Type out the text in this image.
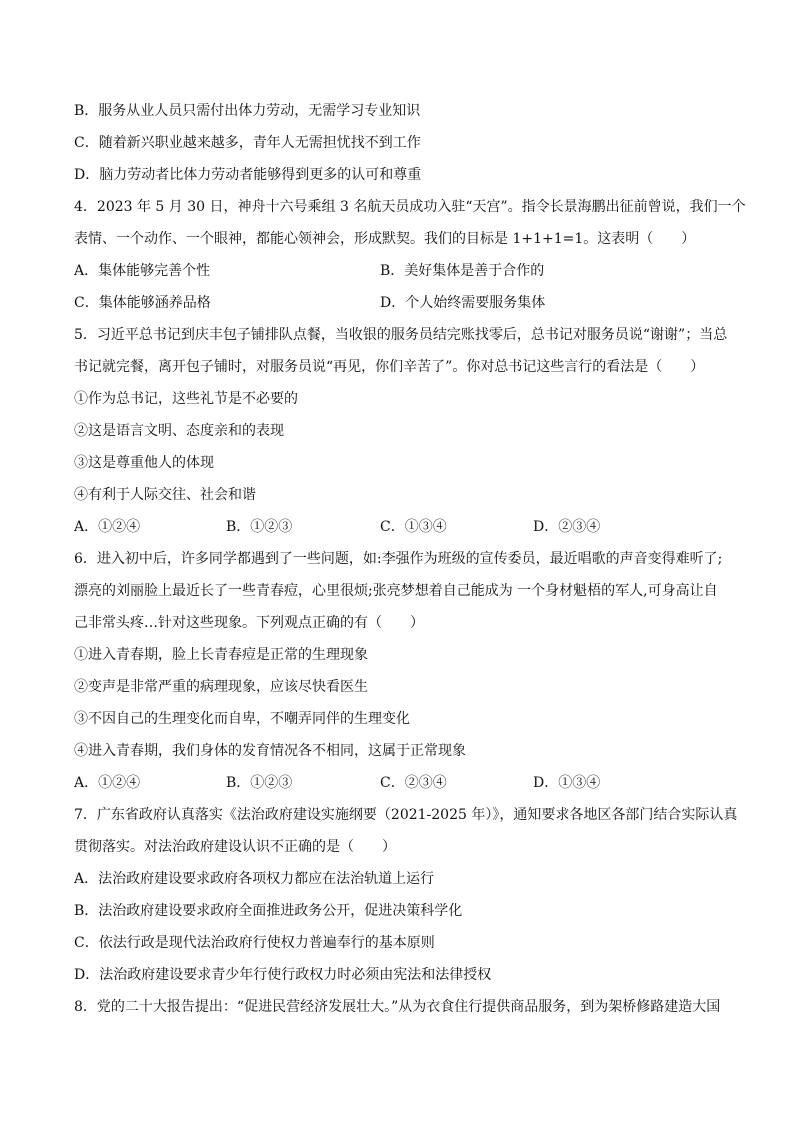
B．服务从业人员只需付出体力劳动，无需学习专业知识
C．随着新兴职业越来越多，青年人无需担忧找不到工作
D．脑力劳动者比体力劳动者能够得到更多的认可和尊重
4．2023 年 5 月 30 日，神舟十六号乘组 3 名航天员成功入驻“天宫”。指令长景海鹏出征前曾说，我们一个
表情、一个动作、一个眼神，都能心领神会，形成默契。我们的目标是 1+1+1=1。这表明（　　）
A．集体能够完善个性	B．美好集体是善于合作的
C．集体能够涵养品格	D．个人始终需要服务集体
5．习近平总书记到庆丰包子铺排队点餐，当收银的服务员结完账找零后，总书记对服务员说“谢谢”；当总
书记就完餐，离开包子铺时，对服务员说“再见，你们辛苦了”。你对总书记这些言行的看法是（　　）
①作为总书记，这些礼节是不必要的
②这是语言文明、态度亲和的表现
③这是尊重他人的体现
④有利于人际交往、社会和谐
A．①②④	B．①②③	C．①③④	D．②③④
6．进入初中后，许多同学都遇到了一些问题，如:李强作为班级的宣传委员，最近唱歌的声音变得难听了;
漂亮的刘丽脸上最近长了一些青春痘，心里很烦;张亮梦想着自己能成为 一个身材魁梧的军人,可身高让自
己非常头疼…针对这些现象。下列观点正确的有（　　）
①进入青春期，脸上长青春痘是正常的生理现象
②变声是非常严重的病理现象，应该尽快看医生
③不因自己的生理变化而自卑，不嘲弄同伴的生理变化
④进入青春期，我们身体的发育情况各不相同，这属于正常现象
A．①②④	B．①②③	C．②③④	D．①③④
7．广东省政府认真落实《法治政府建设实施纲要（2021-2025 年）》，通知要求各地区各部门结合实际认真
贯彻落实。对法治政府建设认识不正确的是（　　）
A．法治政府建设要求政府各项权力都应在法治轨道上运行
B．法治政府建设要求政府全面推进政务公开，促进决策科学化
C．依法行政是现代法治政府行使权力普遍奉行的基本原则
D．法治政府建设要求青少年行使行政权力时必须由宪法和法律授权
8．党的二十大报告提出：“促进民营经济发展壮大。”从为衣食住行提供商品服务，到为架桥修路建造大国
